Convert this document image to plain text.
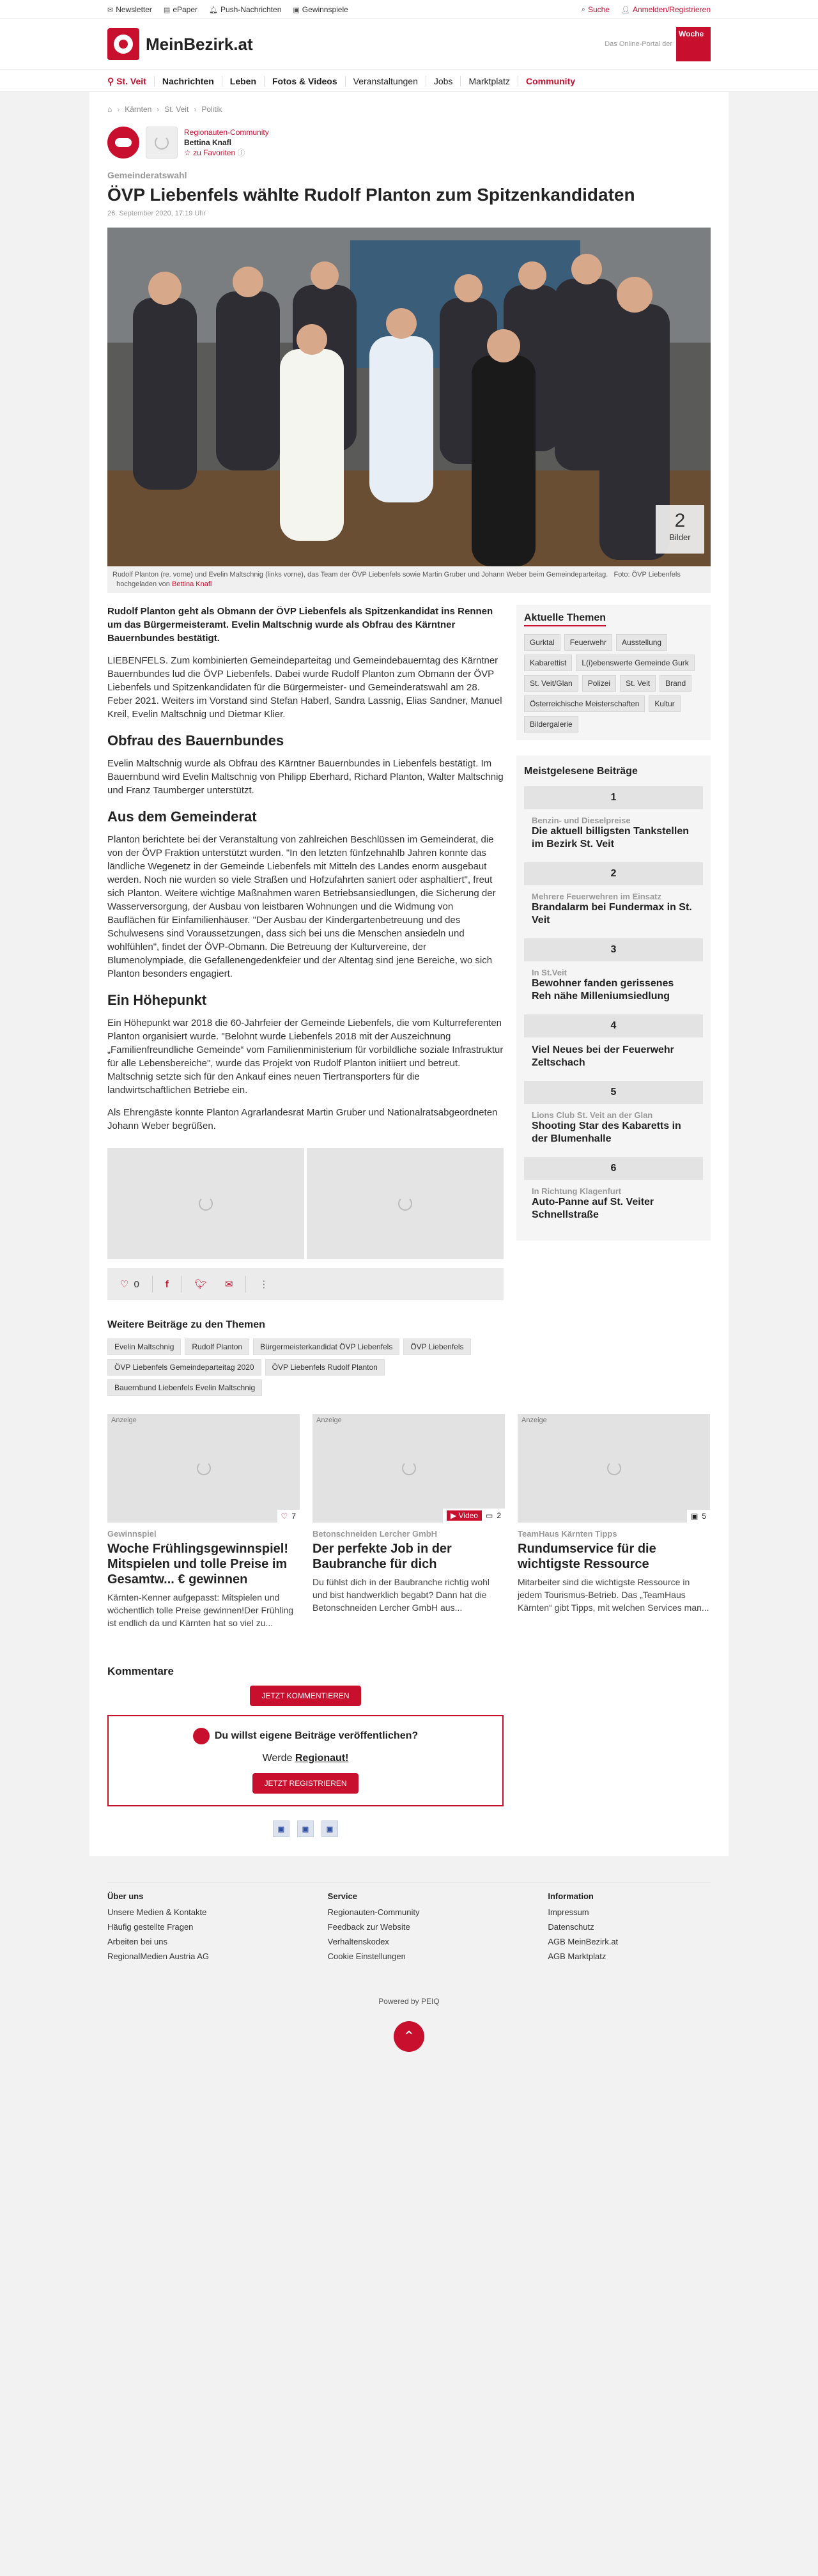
✉ Newsletter ▤ ePaper 🔔︎ Push-Nachrichten ▣ Gewinnspiele	⌕ Suche 👤︎ Anmelden/Registrieren
MeinBezirk.at	Das Online-Portal der
Woche
⚲ St. Veit	Nachrichten	Leben	Fotos & Videos	Veranstaltungen	Jobs	Marktplatz	Community
⌂ › Kärnten › St. Veit › Politik
Regionauten-Community
Bettina Knafl
☆ zu Favoriten ⓘ
Gemeinderatswahl
ÖVP Liebenfels wählte Rudolf Planton zum Spitzenkandidaten
26. September 2020, 17:19 Uhr
2
Bilder
Rudolf Planton (re. vorne) und Evelin Maltschnig (links vorne), das Team der ÖVP Liebenfels sowie Martin Gruber und Johann Weber beim Gemeindeparteitag. Foto: ÖVP Liebenfels   hochgeladen von Bettina Knafl

Rudolf Planton geht als Obmann der ÖVP Liebenfels als Spitzenkandidat ins Rennen um das Bürgermeisteramt. Evelin Maltschnig wurde als Obfrau des Kärntner Bauernbundes bestätigt.

LIEBENFELS. Zum kombinierten Gemeindeparteitag und Gemeindebauerntag des Kärntner Bauernbundes lud die ÖVP Liebenfels. Dabei wurde Rudolf Planton zum Obmann der ÖVP Liebenfels und Spitzenkandidaten für die Bürgermeister- und Gemeinderatswahl am 28. Feber 2021. Weiters im Vorstand sind Stefan Haberl, Sandra Lassnig, Elias Sandner, Manuel Kreil, Evelin Maltschnig und Dietmar Klier.

Obfrau des Bauernbundes

Evelin Maltschnig wurde als Obfrau des Kärntner Bauernbundes in Liebenfels bestätigt. Im Bauernbund wird Evelin Maltschnig von Philipp Eberhard, Richard Planton, Walter Maltschnig und Franz Taumberger unterstützt.

Aus dem Gemeinderat

Planton berichtete bei der Veranstaltung von zahlreichen Beschlüssen im Gemeinderat, die von der ÖVP Fraktion unterstützt wurden. "In den letzten fünfzehnahlb Jahren konnte das ländliche Wegenetz in der Gemeinde Liebenfels mit Mitteln des Landes enorm ausgebaut werden. Noch nie wurden so viele Straßen und Hofzufahrten saniert oder asphaltiert", freut sich Planton. Weitere wichtige Maßnahmen waren Betriebsansiedlungen, die Sicherung der Wasserversorgung, der Ausbau von leistbaren Wohnungen und die Widmung von Bauflächen für Einfamilienhäuser. "Der Ausbau der Kindergartenbetreuung und des Schulwesens sind Voraussetzungen, dass sich bei uns die Menschen ansiedeln und wohlfühlen", findet der ÖVP-Obmann. Die Betreuung der Kulturvereine, der Blumenolympiade, die Gefallenengedenkfeier und der Altentag sind jene Bereiche, wo sich Planton besonders engagiert.

Ein Höhepunkt

Ein Höhepunkt war 2018 die 60-Jahrfeier der Gemeinde Liebenfels, die vom Kulturreferenten Planton organisiert wurde. "Belohnt wurde Liebenfels 2018 mit der Auszeichnung „Familienfreundliche Gemeinde“ vom Familienministerium für vorbildliche soziale Infrastruktur für alle Lebensbereiche", wurde das Projekt von Rudolf Planton initiiert und betreut. Maltschnig setzte sich für den Ankauf eines neuen Tiertransporters für die landwirtschaftlichen Betriebe ein.

Als Ehrengäste konnte Planton Agrarlandesrat Martin Gruber und Nationalratsabgeordneten Johann Weber begrüßen.

♡ 0	f	🐦︎ ✉	⋮
Weitere Beiträge zu den Themen
Evelin Maltschnig	Rudolf Planton	Bürgermeisterkandidat ÖVP Liebenfels	ÖVP Liebenfels
ÖVP Liebenfels Gemeindeparteitag 2020	ÖVP Liebenfels Rudolf Planton
Bauernbund Liebenfels Evelin Maltschnig
Aktuelle Themen
Gurktal	Feuerwehr	Ausstellung
Kabarettist	L(i)ebenswerte Gemeinde Gurk
St. Veit/Glan	Polizei	St. Veit	Brand
Österreichische Meisterschaften	Kultur
Bildergalerie
Meistgelesene Beiträge
1
Benzin- und Dieselpreise
Die aktuell billigsten Tankstellen im Bezirk St. Veit
2
Mehrere Feuerwehren im Einsatz
Brandalarm bei Fundermax in St. Veit
3
In St.Veit
Bewohner fanden gerissenes Reh nähe Milleniumsiedlung
4
Viel Neues bei der Feuerwehr Zeltschach
5
Lions Club St. Veit an der Glan
Shooting Star des Kabaretts in der Blumenhalle
6
In Richtung Klagenfurt
Auto-Panne auf St. Veiter Schnellstraße
Anzeige
♡ 7
Gewinnspiel
Woche Frühlingsgewinnspiel! Mitspielen und tolle Preise im Gesamtw... € gewinnen
Kärnten-Kenner aufgepasst: Mitspielen und wöchentlich tolle Preise gewinnen!Der Frühling ist endlich da und Kärnten hat so viel zu...
Anzeige
▶ Video	▭ 2
Betonschneiden Lercher GmbH
Der perfekte Job in der Baubranche für dich
Du fühlst dich in der Baubranche richtig wohl und bist handwerklich begabt? Dann hat die Betonschneiden Lercher GmbH aus...
Anzeige
▣ 5
TeamHaus Kärnten Tipps
Rundumservice für die wichtigste Ressource
Mitarbeiter sind die wichtigste Ressource in jedem Tourismus-Betrieb. Das „TeamHaus Kärnten“ gibt Tipps, mit welchen Services man...
Kommentare
JETZT KOMMENTIEREN
Du willst eigene Beiträge veröffentlichen?
Werde Regionaut!
JETZT REGISTRIEREN
▣	▣	▣
Über uns
Unsere Medien & Kontakte
Häufig gestellte Fragen
Arbeiten bei uns
RegionalMedien Austria AG
Service
Regionauten-Community
Feedback zur Website
Verhaltenskodex
Cookie Einstellungen
Information
Impressum
Datenschutz
AGB MeinBezirk.at
AGB Marktplatz
Powered by PEIQ
⌃
